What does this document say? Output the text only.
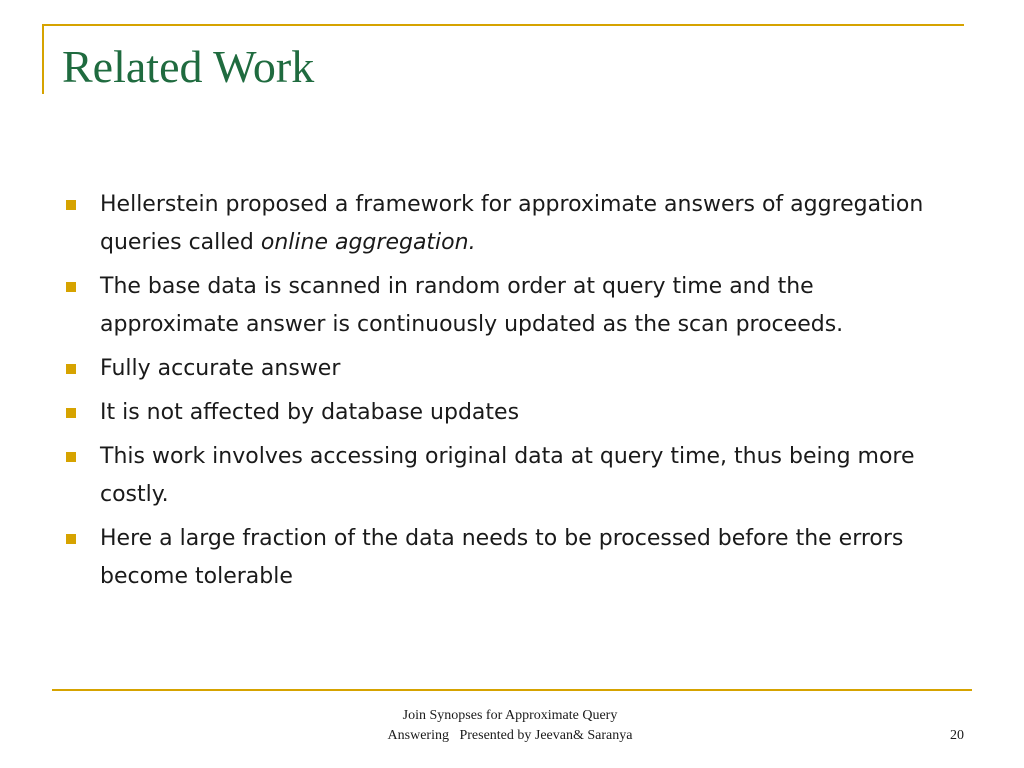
Related Work
Hellerstein proposed a framework for approximate answers of aggregation queries called online aggregation.
The base data is scanned in random order at query time and the approximate answer is continuously updated as the scan proceeds.
Fully accurate answer
It is not affected by database updates
This work involves accessing original data at query time, thus being more costly.
Here a large fraction of the data needs to be processed before the errors become tolerable
Join Synopses for Approximate Query
Answering   Presented by Jeevan& Saranya	20
